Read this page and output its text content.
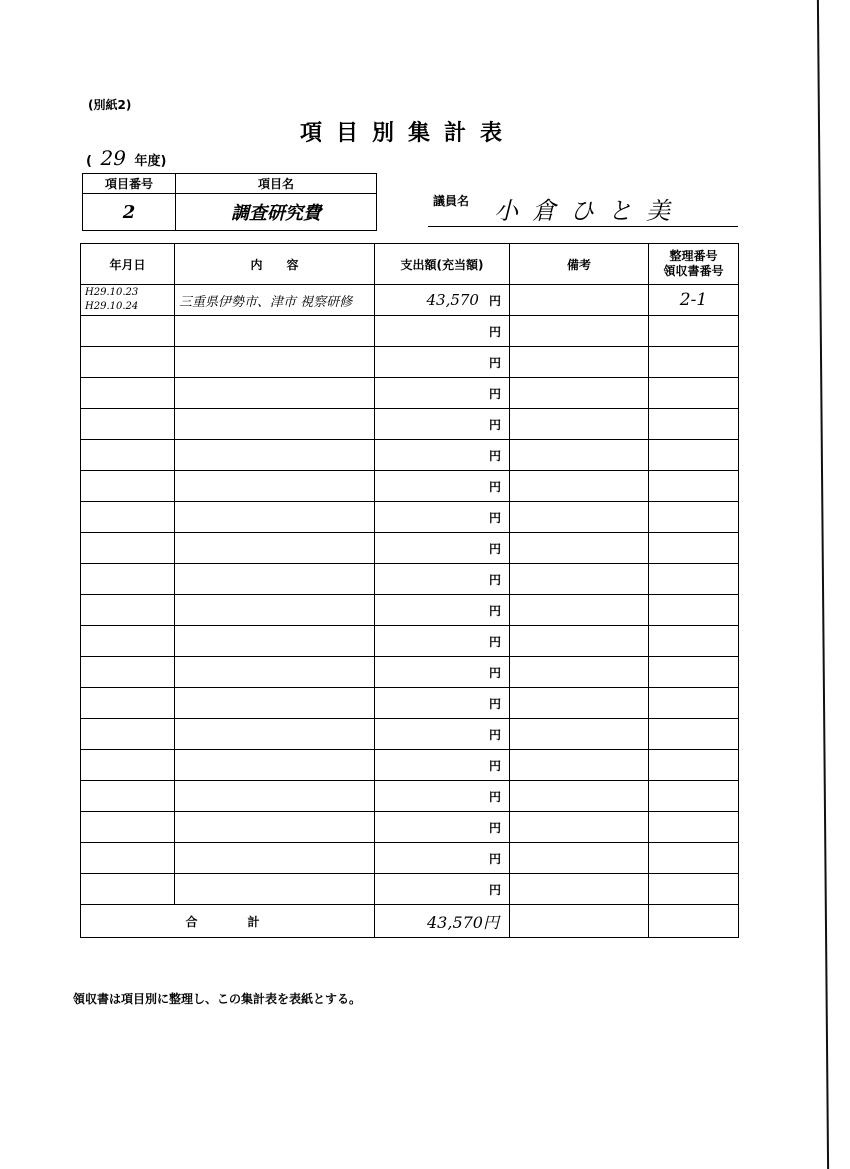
(別紙2)
項目別集計表
( 29 年度)
項目番号	項目名
2	調査研究費
議員名 小倉ひと美
年月日	内　　容	支出額(充当額)	備考	整理番号
領収書番号

H29.10.23
H29.10.24	三重県伊勢市、津市 視察研修	43,570 円		2-1
		円		
		円		
		円		
		円		
		円		
		円		
		円		
		円		
		円		
		円		
		円		
		円		
		円		
		円		
		円		
		円		
		円		
		円		
		円		
合計		43,570円		
領収書は項目別に整理し、この集計表を表紙とする。
